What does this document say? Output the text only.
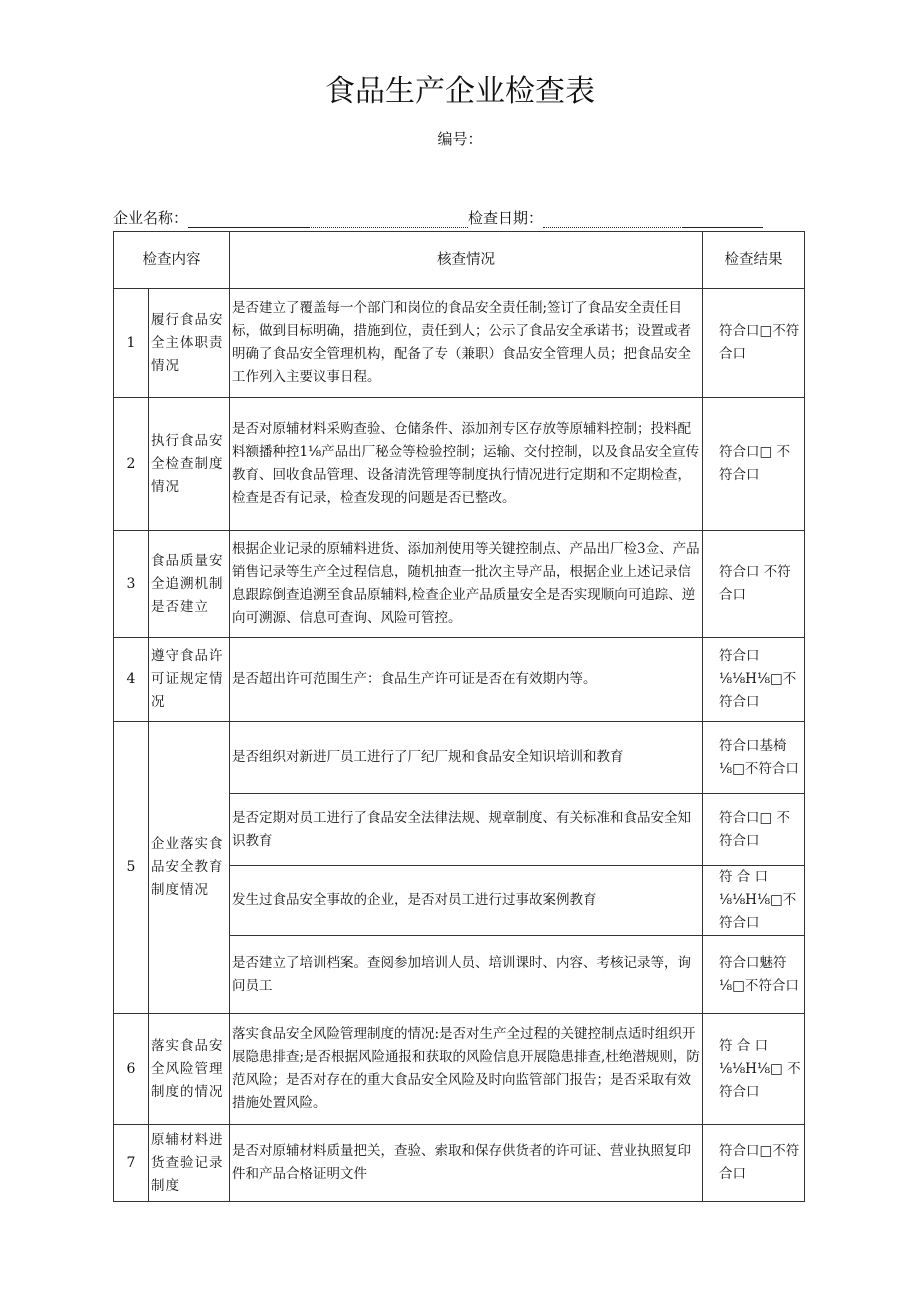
食品生产企业检查表
编号：
企业名称：	检查日期：
检查内容		核查情况	检查结果
1	履行食品安全主体职责情况	是否建立了覆盖每一个部门和岗位的食品安全责任制;签订了食品安全责任目标，做到目标明确，措施到位，责任到人；公示了食品安全承诺书；设置或者明确了食品安全管理机构，配备了专（兼职）食品安全管理人员；把食品安全工作列入主要议事日程。	符合口□不符合口
2	执行食品安全检查制度情况	是否对原辅材料采购查验、仓储条件、添加剂专区存放等原辅料控制；投料配料额播种控1⅛产品出厂秘佥等检验控制；运输、交付控制，以及食品安全宣传教育、回收食品管理、设备清洗管理等制度执行情况进行定期和不定期检查，检查是否有记录，检查发现的问题是否已整改。	符合口□ 不符合口
3	食品质量安全追溯机制是否建立	根据企业记录的原辅料进货、添加剂使用等关键控制点、产品出厂检3佥、产品销售记录等生产全过程信息，随机抽查一批次主导产品，根据企业上述记录信息跟踪倒查追溯至食品原辅料,检查企业产品质量安全是否实现顺向可追踪、逆向可溯源、信息可查询、风险可管控。	符合口 不符合口
4	遵守食品许可证规定情况	是否超出许可范围生产：食品生产许可证是否在有效期内等。	符合口 ⅛⅛H⅛□不符合口
5	企业落实食品安全教育制度情况	是否组织对新进厂员工进行了厂纪厂规和食品安全知识培训和教育	符合口基椅⅛□不符合口
		是否定期对员工进行了食品安全法律法规、规章制度、有关标准和食品安全知识教育	符合口□ 不符合口
		发生过食品安全事故的企业，是否对员工进行过事故案例教育	符 合 口 ⅛⅛H⅛□不符合口
		是否建立了培训档案。查阅参加培训人员、培训课时、内容、考核记录等，询问员工	符合口魅符⅛□不符合口
6	落实食品安全风险管理制度的情况	落实食品安全风险管理制度的情况:是否对生产全过程的关键控制点适时组织开展隐患排查;是否根据风险通报和获取的风险信息开展隐患排查,杜绝潜规则，防范风险；是否对存在的重大食品安全风险及时向监管部门报告；是否采取有效措施处置风险。	符 合 口 ⅛⅛H⅛□ 不符合口
7	原辅材料进货查验记录制度	是否对原辅材料质量把关，查验、索取和保存供货者的许可证、营业执照复印件和产品合格证明文件	符合口□不符合口
